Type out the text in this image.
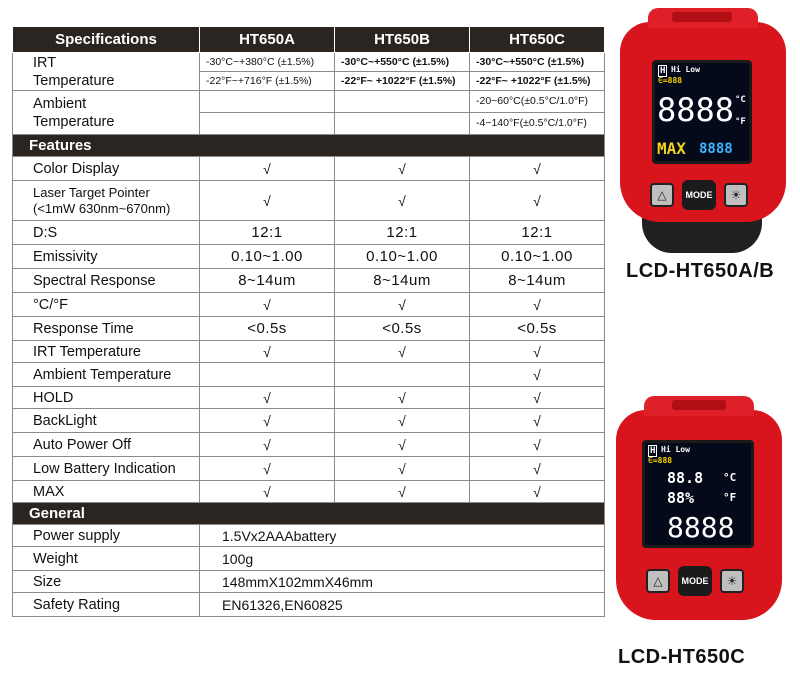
Specifications	HT650A	HT650B	HT650C

IRT
Temperature	-30°C~+380°C (±1.5%)	-30°C~+550°C (±1.5%)	-30°C~+550°C (±1.5%)
	-22°F~+716°F (±1.5%)	-22°F~ +1022°F (±1.5%)	-22°F~ +1022°F (±1.5%)

Ambient
Temperature			-20~60°C(±0.5°C/1.0°F)
			-4~140°F(±0.5°C/1.0°F)
Features			
Color Display	√	√	√

Laser Target Pointer
(<1mW 630nm~670nm)	√	√	√
D:S	12:1	12:1	12:1
Emissivity	0.10~1.00	0.10~1.00	0.10~1.00
Spectral Response	8~14um	8~14um	8~14um
°C/°F	√	√	√
Response Time	<0.5s	<0.5s	<0.5s
IRT Temperature	√	√	√
Ambient Temperature			√
HOLD	√	√	√
BackLight	√	√	√
Auto Power Off	√	√	√
Low Battery Indication	√	√	√
MAX	√	√	√
General			
Power supply	1.5Vx2AAAbattery		
Weight	100g		
Size	148mmX102mmX46mm		
Safety Rating	EN61326,EN60825		
H Hi Low
∈=888
8888 °C
°F
MAX 8888
△	MODE	☀
LCD-HT650A/B
H Hi Low
∈=888
88.8 °C
88%	°F
8888
△	MODE	☀
LCD-HT650C
